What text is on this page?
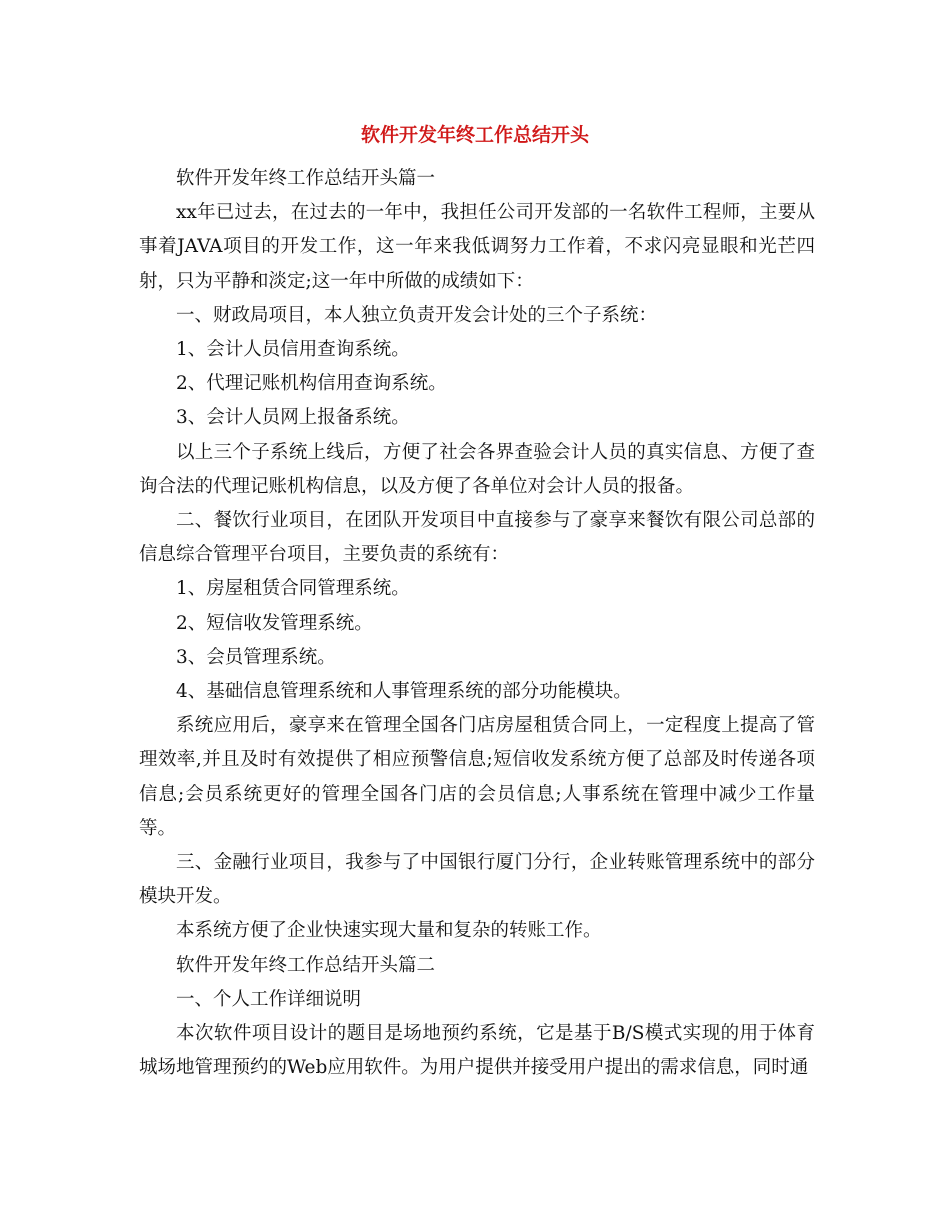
软件开发年终工作总结开头

软件开发年终工作总结开头篇一

xx年已过去，在过去的一年中，我担任公司开发部的一名软件工程师，主要从事着JAVA项目的开发工作，这一年来我低调努力工作着，不求闪亮显眼和光芒四射，只为平静和淡定;这一年中所做的成绩如下：

一、财政局项目，本人独立负责开发会计处的三个子系统：

1、会计人员信用查询系统。

2、代理记账机构信用查询系统。

3、会计人员网上报备系统。

以上三个子系统上线后，方便了社会各界查验会计人员的真实信息、方便了查询合法的代理记账机构信息，以及方便了各单位对会计人员的报备。

二、餐饮行业项目，在团队开发项目中直接参与了豪享来餐饮有限公司总部的信息综合管理平台项目，主要负责的系统有：

1、房屋租赁合同管理系统。

2、短信收发管理系统。

3、会员管理系统。

4、基础信息管理系统和人事管理系统的部分功能模块。

系统应用后，豪享来在管理全国各门店房屋租赁合同上，一定程度上提高了管理效率,并且及时有效提供了相应预警信息;短信收发系统方便了总部及时传递各项信息;会员系统更好的管理全国各门店的会员信息;人事系统在管理中减少工作量等。

三、金融行业项目，我参与了中国银行厦门分行，企业转账管理系统中的部分模块开发。

本系统方便了企业快速实现大量和复杂的转账工作。

软件开发年终工作总结开头篇二

一、个人工作详细说明

本次软件项目设计的题目是场地预约系统，它是基于B/S模式实现的用于体育城场地管理预约的Web应用软件。为用户提供并接受用户提出的需求信息，同时通
